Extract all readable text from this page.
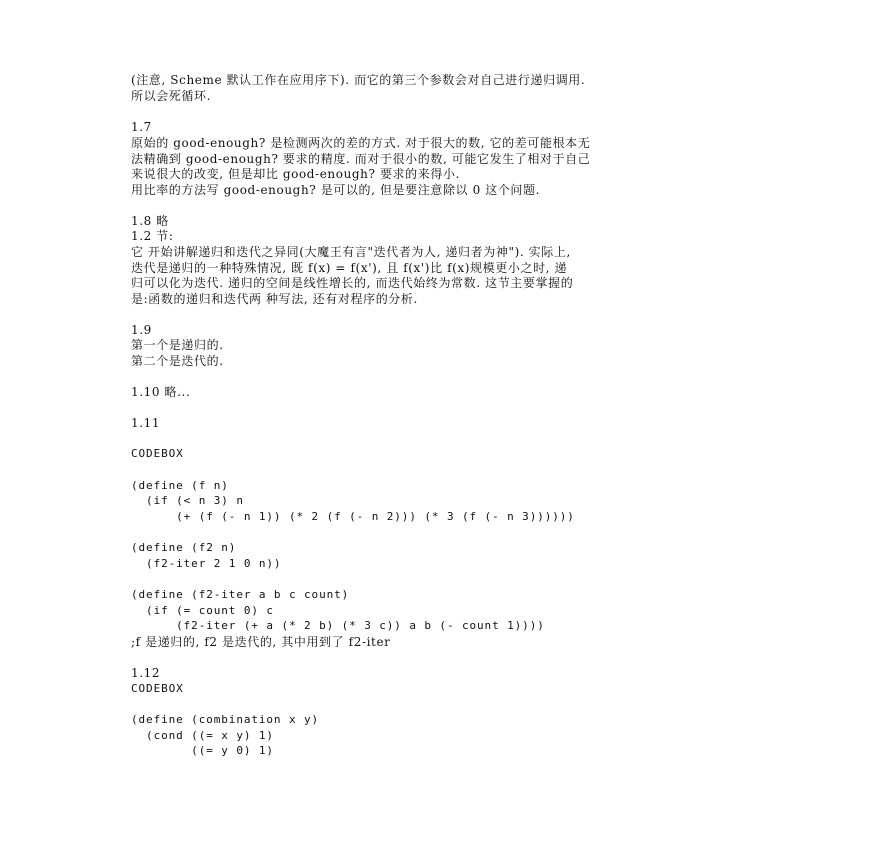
(注意, Scheme 默认工作在应用序下). 而它的第三个参数会对自己进行递归调用.
所以会死循环.
1.7
原始的 good-enough? 是检测两次的差的方式. 对于很大的数, 它的差可能根本无
法精确到 good-enough? 要求的精度. 而对于很小的数, 可能它发生了相对于自己
来说很大的改变, 但是却比 good-enough? 要求的来得小.
用比率的方法写 good-enough? 是可以的, 但是要注意除以 0 这个问题.
1.8 略
1.2 节:
它 开始讲解递归和迭代之异同(大魔王有言"迭代者为人, 递归者为神"). 实际上,
迭代是递归的一种特殊情况, 既 f(x) = f(x'), 且 f(x')比 f(x)规模更小之时, 递
归可以化为迭代. 递归的空间是线性增长的, 而迭代始终为常数. 这节主要掌握的
是:函数的递归和迭代两 种写法, 还有对程序的分析.
1.9
第一个是递归的.
第二个是迭代的.
1.10 略...
1.11
CODEBOX
(define (f n)
(if (< n 3) n
(+ (f (- n 1)) (* 2 (f (- n 2))) (* 3 (f (- n 3))))))
(define (f2 n)
(f2-iter 2 1 0 n))
(define (f2-iter a b c count)
(if (= count 0) c
(f2-iter (+ a (* 2 b) (* 3 c)) a b (- count 1))))
;f 是递归的, f2 是迭代的, 其中用到了 f2-iter
1.12
CODEBOX
(define (combination x y)
(cond ((= x y) 1)
((= y 0) 1)
